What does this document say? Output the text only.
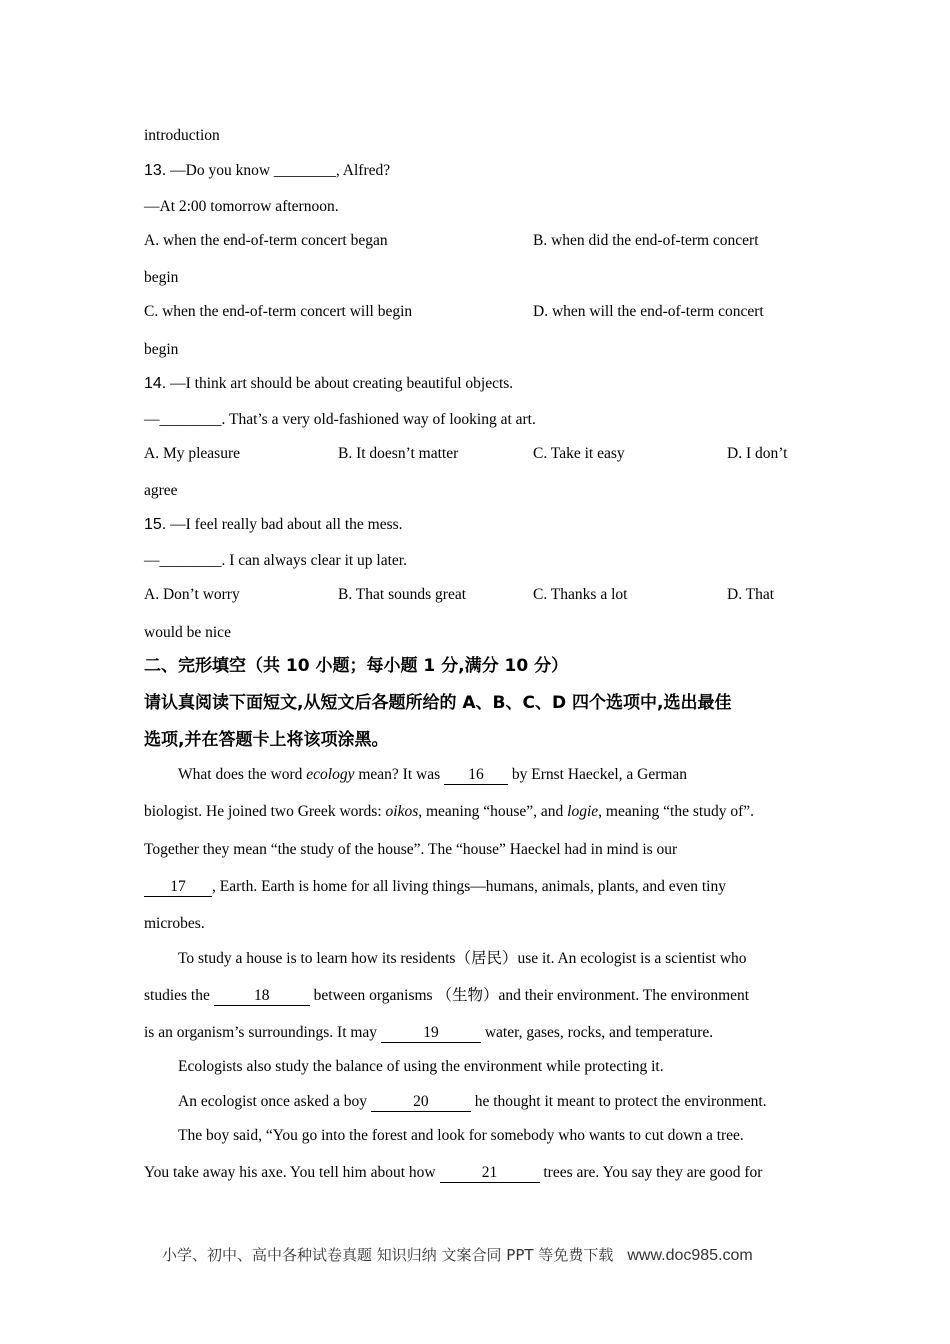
introduction
13. —Do you know ________, Alfred?
—At 2:00 tomorrow afternoon.
A. when the end-of-term concert began	B. when did the end-of-term concert
begin
C. when the end-of-term concert will begin	D. when will the end-of-term concert
begin
14. —I think art should be about creating beautiful objects.
—________. That’s a very old-fashioned way of looking at art.
A. My pleasure	B. It doesn’t matter	C. Take it easy	D. I don’t
agree
15. —I feel really bad about all the mess.
—________. I can always clear it up later.
A. Don’t worry	B. That sounds great	C. Thanks a lot	D. That
would be nice
二、完形填空（共 10 小题；每小题 1 分,满分 10 分）
请认真阅读下面短文,从短文后各题所给的 A、B、C、D 四个选项中,选出最佳
选项,并在答题卡上将该项涂黑。
What does the word ecology mean? It was 16 by Ernst Haeckel, a German
biologist. He joined two Greek words: oikos, meaning “house”, and logie, meaning “the study of”.
Together they mean “the study of the house”. The “house” Haeckel had in mind is our
17 , Earth. Earth is home for all living things—humans, animals, plants, and even tiny
microbes.
To study a house is to learn how its residents（居民）use it. An ecologist is a scientist who
studies the	18	between organisms （生物）and their environment. The environment
is an organism’s surroundings. It may	19	water, gases, rocks, and temperature.
Ecologists also study the balance of using the environment while protecting it.
An ecologist once asked a boy	20	he thought it meant to protect the environment.
The boy said, “You go into the forest and look for somebody who wants to cut down a tree.
You take away his axe. You tell him about how	21	trees are. You say they are good for
小学、初中、高中各种试卷真题 知识归纳 文案合同 PPT 等免费下载 www.doc985.com
